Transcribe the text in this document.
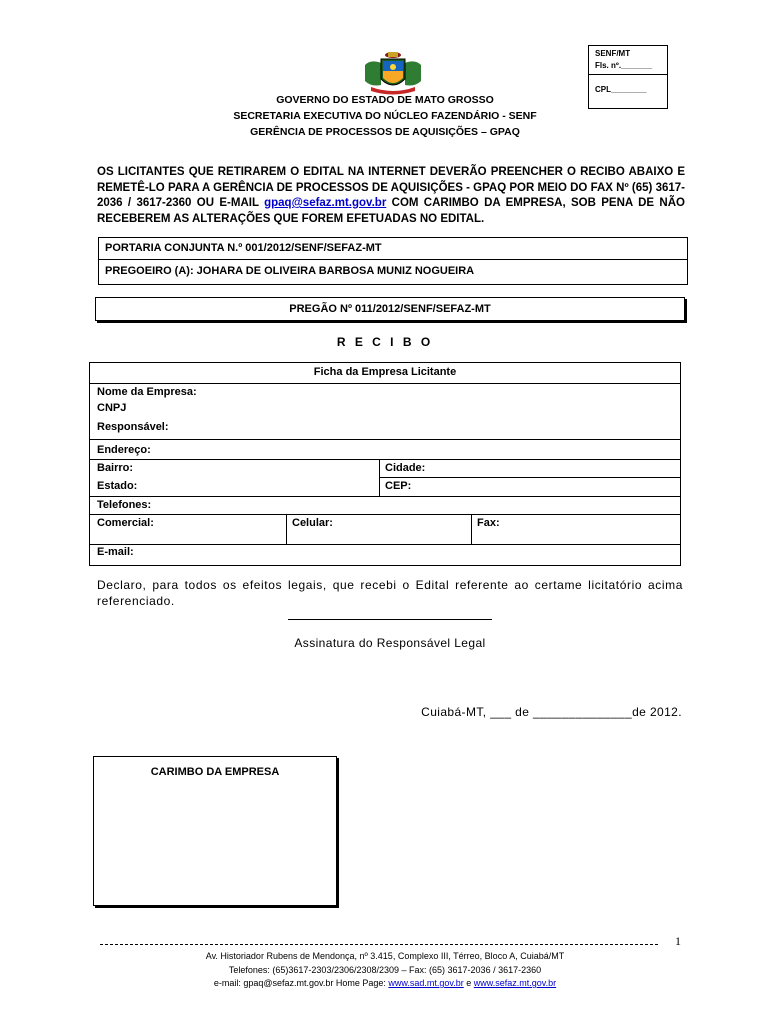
SENF/MT
Fls. nº._______
CPL________
GOVERNO DO ESTADO DE MATO GROSSO
SECRETARIA EXECUTIVA DO NÚCLEO FAZENDÁRIO - SENF
GERÊNCIA DE PROCESSOS DE AQUISIÇÕES – GPAQ
OS LICITANTES QUE RETIRAREM O EDITAL NA INTERNET DEVERÃO PREENCHER O RECIBO ABAIXO E REMETÊ-LO PARA A GERÊNCIA DE PROCESSOS DE AQUISIÇÕES - GPAQ POR MEIO DO FAX Nº (65) 3617-2036 / 3617-2360 OU E-MAIL gpaq@sefaz.mt.gov.br COM CARIMBO DA EMPRESA, SOB PENA DE NÃO RECEBEREM AS ALTERAÇÕES QUE FOREM EFETUADAS NO EDITAL.
PORTARIA CONJUNTA N.º 001/2012/SENF/SEFAZ-MT
PREGOEIRO (A): JOHARA DE OLIVEIRA BARBOSA MUNIZ NOGUEIRA
PREGÃO Nº 011/2012/SENF/SEFAZ-MT
R E C I B O
Ficha da Empresa Licitante
Nome da Empresa:
CNPJ
Responsável:
Endereço:
Bairro:	Cidade:
Estado:	CEP:
Telefones:
Comercial:	Celular:	Fax:
E-mail:
Declaro, para todos os efeitos legais, que recebi o Edital referente ao certame licitatório acima referenciado.
Assinatura do Responsável Legal
Cuiabá-MT, ___ de ______________de 2012.
CARIMBO DA EMPRESA
1
Av. Historiador Rubens de Mendonça, nº 3.415, Complexo III, Térreo, Bloco A, Cuiabá/MT
Telefones: (65)3617-2303/2306/2308/2309 – Fax: (65) 3617-2036 / 3617-2360
e-mail: gpaq@sefaz.mt.gov.br Home Page: www.sad.mt.gov.br e www.sefaz.mt.gov.br
